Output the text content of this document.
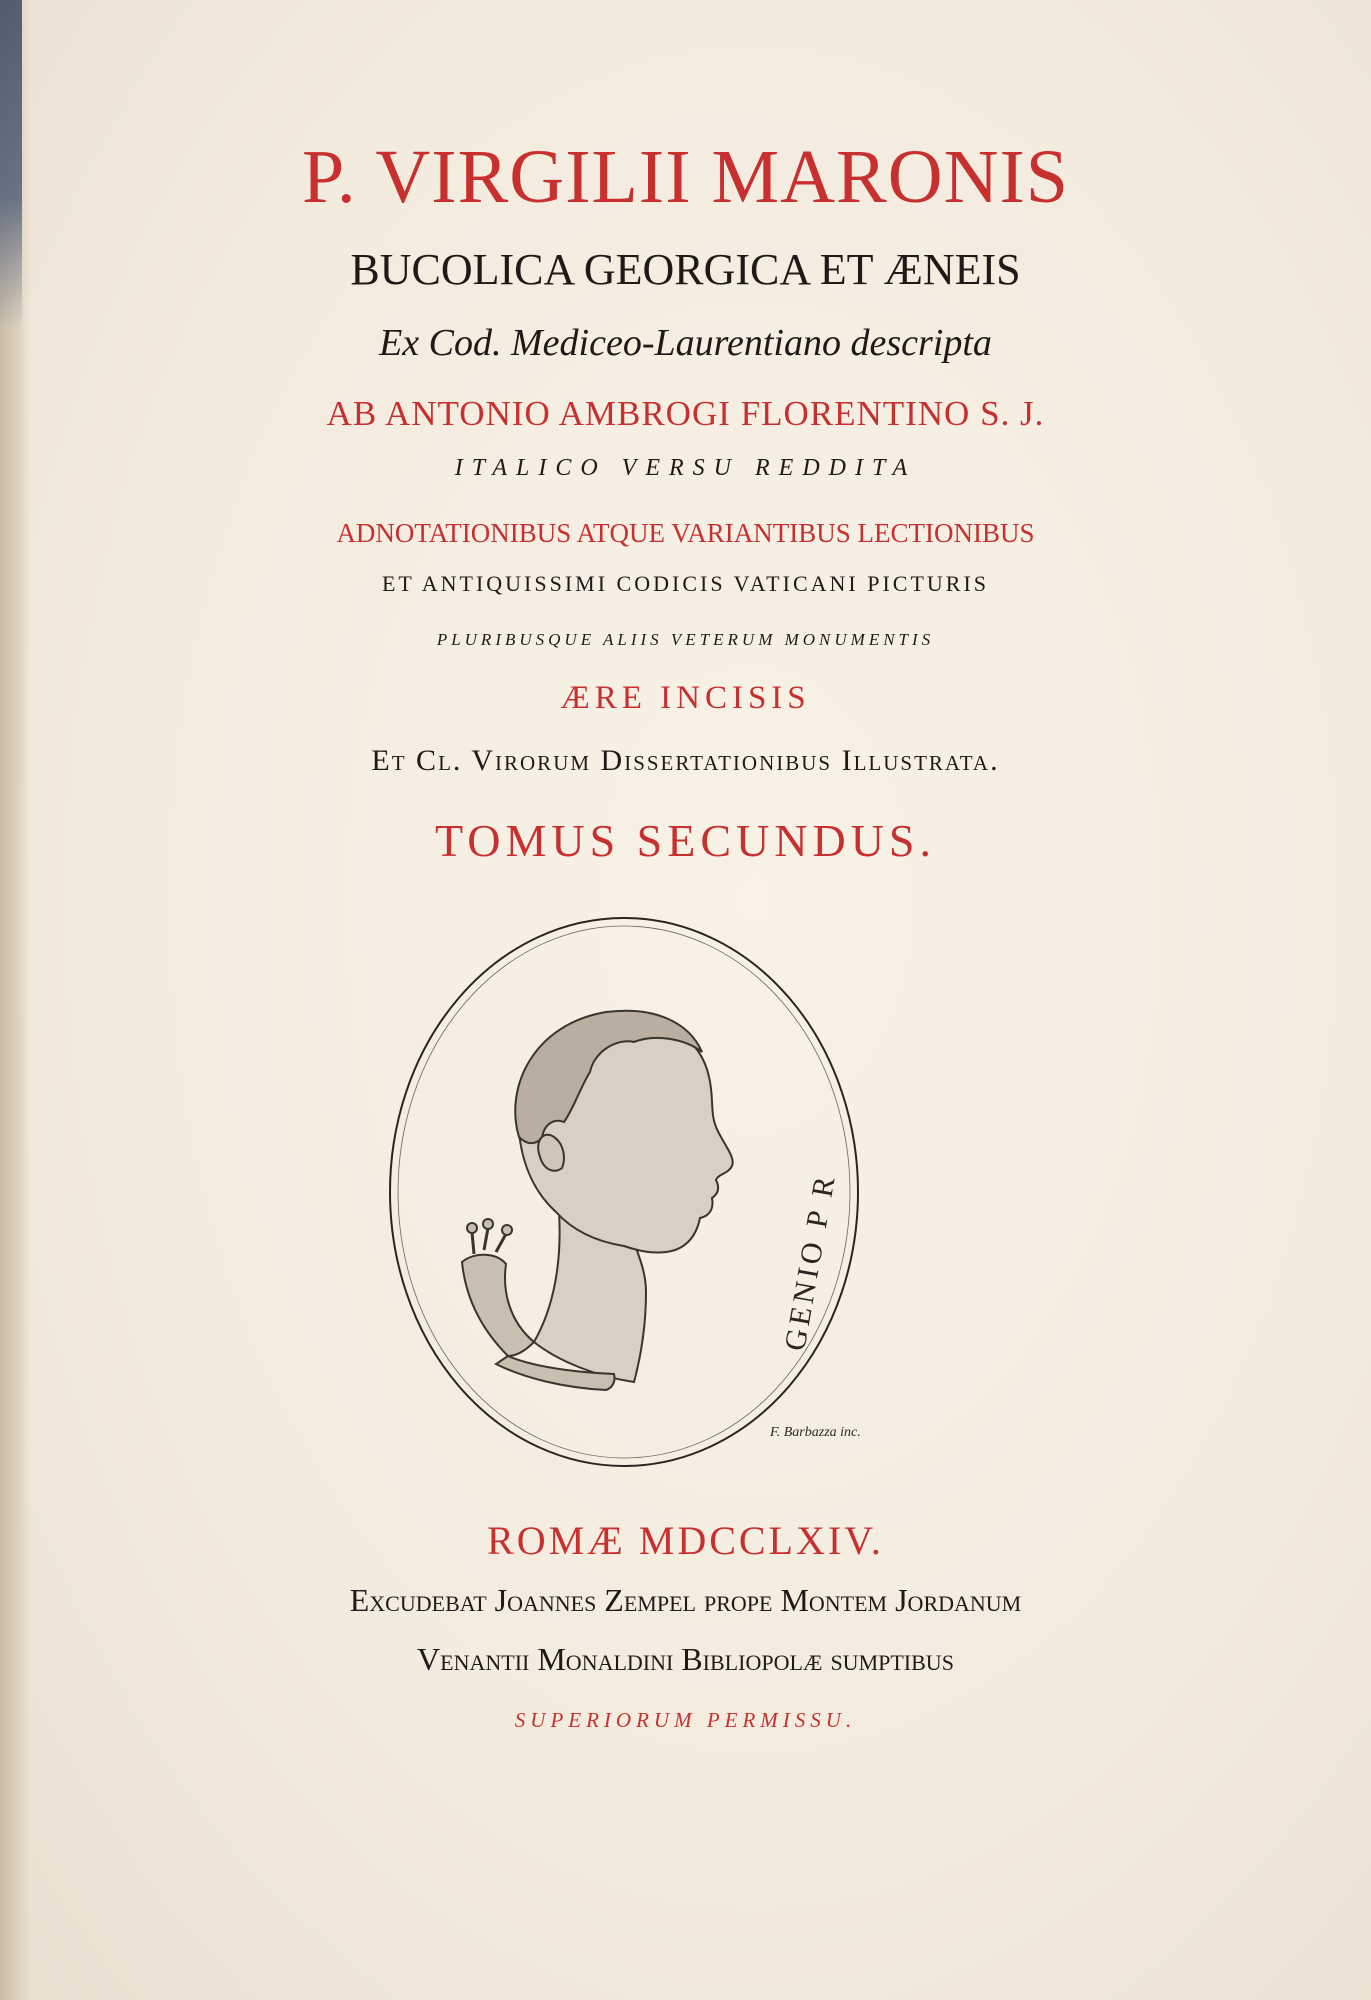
P. VIRGILII MARONIS

BUCOLICA GEORGICA ET ÆNEIS

Ex Cod. Mediceo-Laurentiano descripta

AB ANTONIO AMBROGI FLORENTINO S. J.

ITALICO VERSU REDDITA

ADNOTATIONIBUS ATQUE VARIANTIBUS LECTIONIBUS

ET ANTIQUISSIMI CODICIS VATICANI PICTURIS

PLURIBUSQUE ALIIS VETERUM MONUMENTIS

ÆRE INCISIS

Et Cl. Virorum Dissertationibus Illustrata.

TOMUS SECUNDUS.

GENIO P R
F. Barbazza inc.

ROMÆ MDCCLXIV.

Excudebat Joannes Zempel prope Montem Jordanum

Venantii Monaldini Bibliopolæ sumptibus

SUPERIORUM PERMISSU.
